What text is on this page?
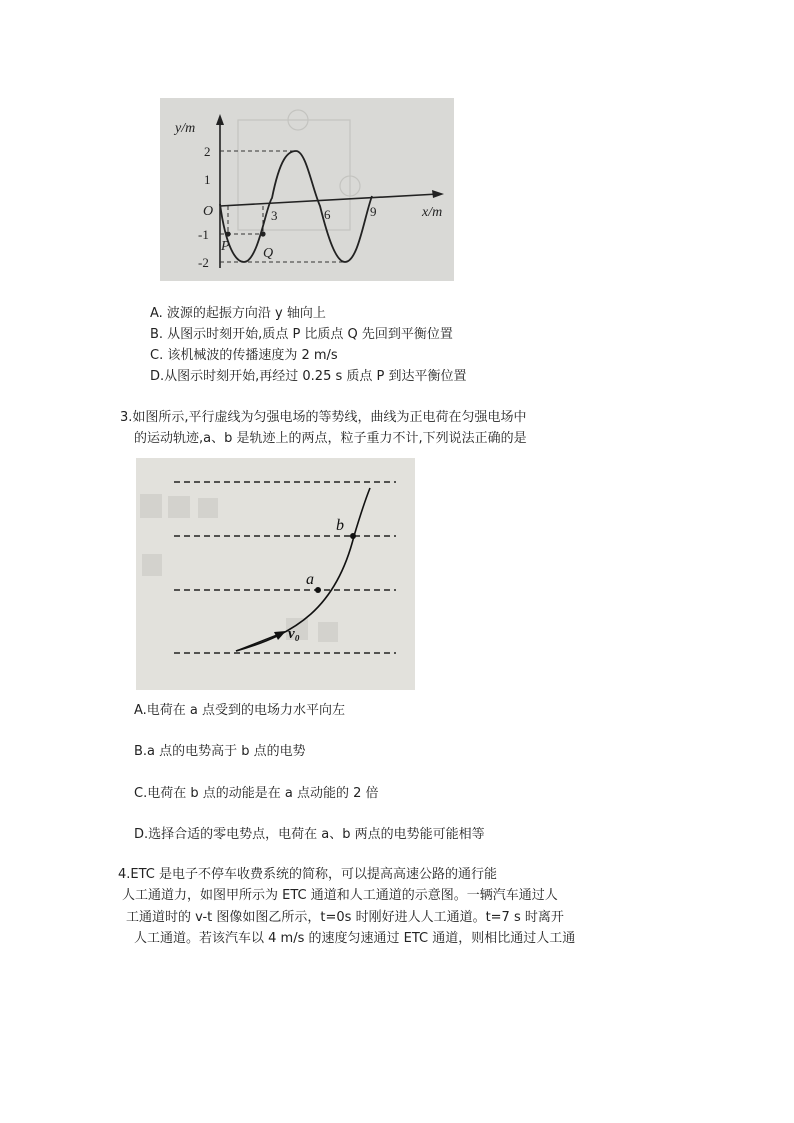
y/m
x/m
O
2
1
-1
-2
3	6	9
P Q
A. 波源的起振方向沿 y 轴向上
B. 从图示时刻开始,质点 P 比质点 Q 先回到平衡位置
C. 该机械波的传播速度为 2 m/s
D.从图示时刻开始,再经过 0.25 s 质点 P 到达平衡位置
3.如图所示,平行虚线为匀强电场的等势线，曲线为正电荷在匀强电场中
的运动轨迹,a、b 是轨迹上的两点，粒子重力不计,下列说法正确的是
a
b
v₀
A.电荷在 a 点受到的电场力水平向左
B.a 点的电势高于 b 点的电势
C.电荷在 b 点的动能是在 a 点动能的 2 倍
D.选择合适的零电势点，电荷在 a、b 两点的电势能可能相等
4.ETC 是电子不停车收费系统的简称，可以提高高速公路的通行能
人工通道力，如图甲所示为 ETC 通道和人工通道的示意图。一辆汽车通过人
工通道时的 v-t 图像如图乙所示，t=0s 时刚好进人人工通道。t=7 s 时离开
人工通道。若该汽车以 4 m/s 的速度匀速通过 ETC 通道，则相比通过人工通
